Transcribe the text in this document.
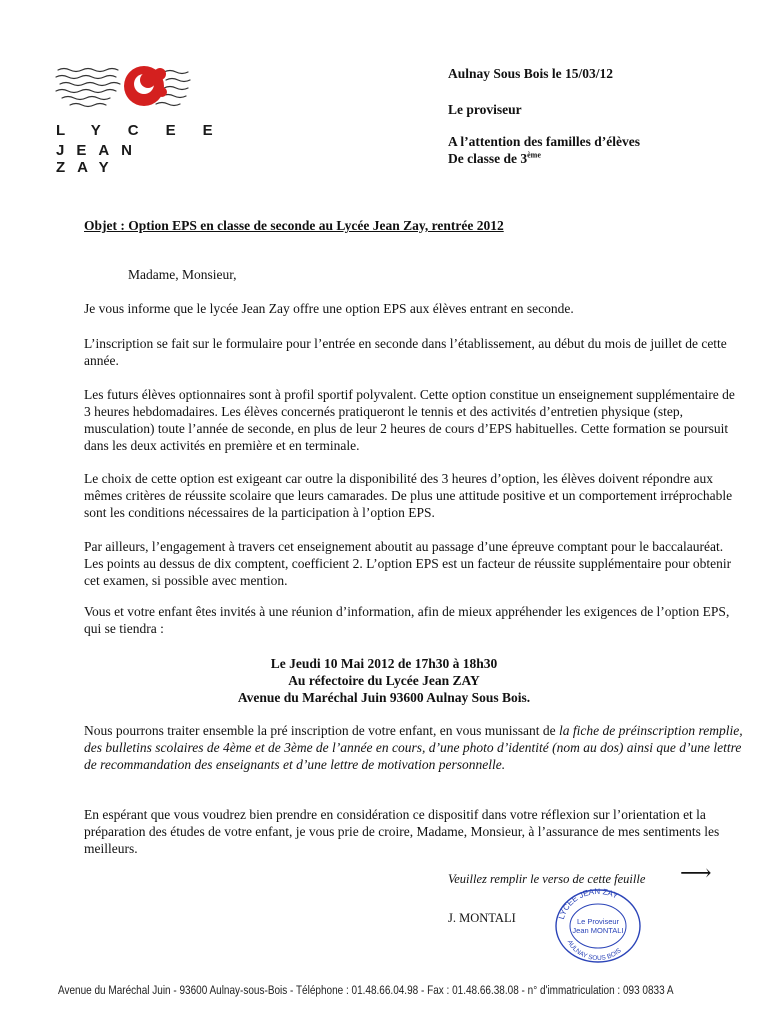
LYCEE
JEAN ZAY
Aulnay Sous Bois le 15/03/12
Le proviseur
A l’attention des familles d’élèves
De classe de 3ème
Objet : Option EPS en classe de seconde au Lycée Jean Zay, rentrée 2012
Madame, Monsieur,
Je vous informe que le lycée Jean Zay offre une option EPS aux élèves entrant en seconde.
L’inscription se fait sur le formulaire pour l’entrée en seconde dans l’établissement, au début du mois de juillet de cette année.
Les futurs élèves optionnaires sont à profil sportif polyvalent. Cette option constitue un enseignement supplémentaire de 3 heures hebdomadaires. Les élèves concernés pratiqueront le tennis et des activités d’entretien physique (step, musculation) toute l’année de seconde, en plus de leur 2 heures de cours d’EPS habituelles. Cette formation se poursuit dans les deux activités en première et en terminale.
Le choix de cette option est exigeant car outre la disponibilité des 3 heures d’option, les élèves doivent répondre aux mêmes critères de réussite scolaire que leurs camarades. De plus une attitude positive et un comportement irréprochable sont les conditions nécessaires de la participation à l’option EPS.
Par ailleurs, l’engagement à travers cet enseignement aboutit au passage d’une épreuve comptant pour le baccalauréat. Les points au dessus de dix comptent, coefficient 2. L’option EPS est un facteur de réussite supplémentaire pour obtenir cet examen, si possible avec mention.
Vous et votre enfant êtes invités à une réunion d’information, afin de mieux appréhender les exigences de l’option EPS, qui se tiendra :
Le Jeudi 10 Mai 2012 de 17h30 à 18h30
Au réfectoire du Lycée Jean ZAY
Avenue du Maréchal Juin 93600 Aulnay Sous Bois.
Nous pourrons traiter ensemble la pré inscription de votre enfant, en vous munissant de la fiche de préinscription remplie, des bulletins scolaires de 4ème et de 3ème de l’année en cours, d’une photo d’identité (nom au dos) ainsi que d’une lettre de recommandation des enseignants et d’une lettre de motivation personnelle.
En espérant que vous voudrez bien prendre en considération ce dispositif dans votre réflexion sur l’orientation et la préparation des études de votre enfant, je vous prie de croire, Madame, Monsieur, à l’assurance de mes sentiments les meilleurs.
Veuillez remplir le verso de cette feuille ⟶
J. MONTALI	LYCEE JEAN ZAY
AULNAY SOUS BOIS
Le Proviseur
Jean MONTALI
Avenue du Maréchal Juin - 93600 Aulnay-sous-Bois - Téléphone : 01.48.66.04.98 - Fax : 01.48.66.38.08 - n° d'immatriculation : 093 0833 A
